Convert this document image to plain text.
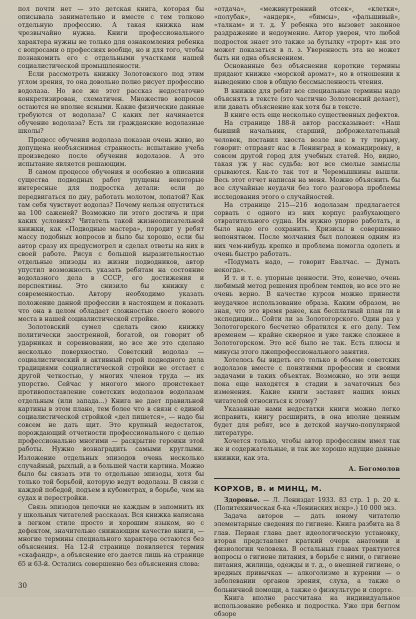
пол почти нет — это детская книга, которая бы описывала занимательно и вместе с тем толково отдельную профессию. А такая книжка нам чрезвычайно нужна. Книги профессионального характера нужны не только для ознакомления ребенка с вопросами о профессиях вообще, но и для того, чтобы познакомить его с отдельными участками нашей социалистической промышленности.

Если рассмотреть книжку Золотовского под этим углом зрения, то она довольно полно рисует профессию водолаза. Но все же этот рассказ недостаточно конкретизирован, схематичен. Множество вопросов остаются не вполне ясными. Какие физические данные требуются от водолаза? С каких лет начинается обучение водолаза? Есть ли гражданские водолазные школы?

Процесс обучения водолаза показан очень живо, но допущена необъяснимая странность: испытание учеба произведено после обучения водолазов. А это испытание является решающим.

В самом процессе обучения и особенно в описании существа подводных работ упущены некоторые интересные для подростка детали: если до передвигаться по дну, работать молотом, лопатой? Как там себя чувствует водолаз? Почему нельзя опуститься на 100 саженей? Возможно ли этого достичь и при каких условиях? Читатель такой жизнеописательной книжки, как «Подводные мастера», породит у ребят массу подобных вопросов и было бы хорошо, если бы автор сразу их предусмотрел и сделал ответы на них в своей работе. Рисуя с большой выразительностью отдельные эпизоды из жизни подводников, автор упустил возможность указать ребятам на состояние водолазного дела в СССР, его достижения и перспективы. Это снизило бы книжку с современностью. Автору необходимо указать положение данной профессии в настоящем и показать что она в целом обладает сложностью своего нового места в нашей социалистической стройке.

Золотовский сумел сделать свою книжку политически заостренной, богатой, он говорит об ударниках и соревновании, но все же это сделано несколько поверхностно. Советский водолаз — социалистический и активный герой подводного дела традициями социалистической стройки не отстает с другой четкостью, у многих членов труда — их упорство. Сейчас у многого много проистекает противопоставление советских водолазов водолазам отдельным (или запада...) Книга не дает правильной картины в этом плане, тем более что в связи с единой социалистической стройкой «дел пишется», — надо бы совсем не дать щит. Это крупный недостаток, порождающий отчетности профессионального с целью профессионально многими — раскрытие героики этой работы. Нужно вознаградить самыми круглыми. Изложение отдельных эпизодов очень несколько случайный, рыхлый, а в большей части картина. Можно было бы связать эти то отдельные эпизоды, хотя бы только той борьбой, которую ведут водолазы. В связи с каждой победой, подъем в кубометрах, в борьбе, чем на судах и перестройки.

Связь эпизодов цепочки не каждым в запомнить их у школьных читателей рассказах. Вся книжка написана в легком стиле просто и хорошим языком, но с дефектом, значительно снижающим качество книги, — многие термины специального характера остаются без объяснения. На 12-й странице появляется термин «скафандр», а объяснение его дается лишь на странице 65 и 63-й. Остались совершенно без объяснения слова:

«отдача», «межвнутренний отсек», «клетки», «полубак», «андерк», «бимсы», «фальшивый», «талкам» и т. д. У ребенка это вызовет законное раздражение и недоумение. Автор уверен, что любой подросток знает это также за бутылку «трорт» как это может показаться в л. з. Уверенность эта не может быть ни одна объяснением.

Основанные без объяснения короткие термины придают книжке «морской аромат», но в отношении к выведению слов в общую бессмысленность чтения.

В книжке для ребят все специальные термины надо объяснять в тексте (это частично Золотовский делает), или давать объяснение как хотя бы в тексте.

В книге есть еще несколько существенных дефектов.

На странице 188-й автор рассказывает: «Наш бывший начальник, старший, доброжелательный человек, поставил хвоста возле нас в ту тюрьму, говорит: отправят нас в Ленинград в командировку, в совсем другой город для учебных статей. Но, видно, такая уж у нас судьба: вот все смелые замыслы срываются. Как-то так тот и Черемышкины вышли. Весь этот отчет написан на меня. Можно объяснить бы все случайные неудачи без того разговора проблемы исследования этого о случайностей.

На странице 215—216 водолазам предлагается сорвать с одного из них корпус разбухающего отвратительного судна. Им нужно упорно работать, и было надо его сохранить. Кризисы в совершенно непонятном. После молчания был положен одним из них чем-нибудь крепко и проблема помогла одолеть и очень быстро работать.

«Подумать надо, — говорит Евалчас. — Думать некогда».

И т. и т. е. упорные ценности. Это, конечно, очень любимый метод решения проблем темпов, но все это не очень верно. В качестве курсов можно принести неудачное использование образа. Каким образом, не зная, что это время ранее, как бесплатный план ли в экспедиции... Сойти ли за Золотогорского. Один раз у Золотогорского бесчетно обратился к его делу. Тем временем — крайне скверное и уже также сложнее в Золотогорском. Это всё было не так. Есть плюсы и минусы этого лжепрофессионального занятия.

Хотелось бы видеть его только в объеме советских водолазов вместе с понятиями профессии и своими задачами в таких объектах. Возможно, но эти вещи пока еще находятся в стадии в зачаточных без изменения. Какие книги заставят наших юных читателей относиться к этому?

Указанные нами недостатки книги можно легко исправить, книгу расширить, в она вполне ценным будет для ребят, все в детской научно-популярной литературе.

Хочется только, чтобы автор профессиям имел так же и содержательные, и так же хорошо идущие данные книжки, как эта.

А. Богомолов
КОРХОВ, В. и МИНЦ, М.

Здоровье. — Л. Лениздат 1933. 83 стр. 1 р. 20 к. (Политехническая б-ка «Ленинских искр».) 10 000 экз.

Задача авторов — дать юному читателю элементарные сведения по гигиене. Книга разбита на 8 глав. Первая глава дает идеологическую установку, вторая представляет краткий очерк анатомии и физиологии человека. В остальных главах трактуются вопросы о гигиене питания, в борьбе с ними, о гигиене питания, жилища, одежды и т. д., о внешней гигиене, о вредных привычках — алкоголизме и курении — о заболевании органов зрения, слуха, а также о больничной помощи, а также о физкультуре и спорте.

Книга вполне рассчитана на индивидуальное использование ребенка и подростка. Уже при беглом обзоре

30
